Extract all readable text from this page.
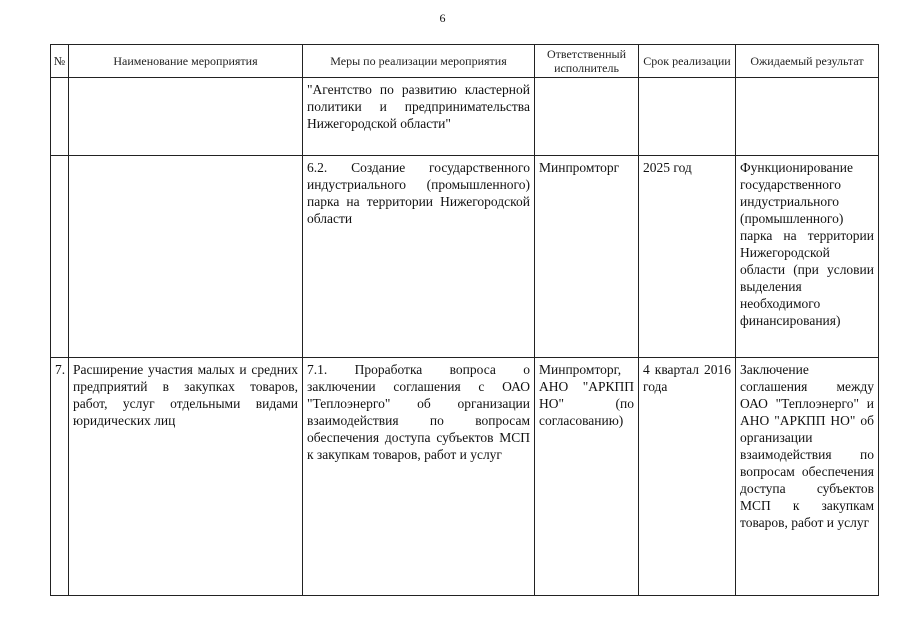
6
№	Наименование мероприятия	Меры по реализации мероприятия	Ответственный исполнитель	Срок реализации	Ожидаемый результат
		"Агентство по развитию кластерной политики и предпринимательства Нижегородской области"			
		6.2. Создание государственного индустриального (промышленного) парка на территории Нижегородской области	Минпромторг	2025 год	Функционирование государственного индустриального (промышленного) парка на территории Нижегородской области (при условии выделения необходимого финансирования)
7.	Расширение участия малых и средних предприятий в закупках товаров, работ, услуг отдельными видами юридических лиц	7.1. Проработка вопроса о заключении соглашения с ОАО "Теплоэнерго" об организации взаимодействия по вопросам обеспечения доступа субъектов МСП к закупкам товаров, работ и услуг	Минпромторг, АНО "АРКПП НО" (по согласованию)	4 квартал 2016 года	Заключение соглашения между ОАО "Теплоэнерго" и АНО "АРКПП НО" об организации взаимодействия по вопросам обеспечения доступа субъектов МСП к закупкам товаров, работ и услуг
